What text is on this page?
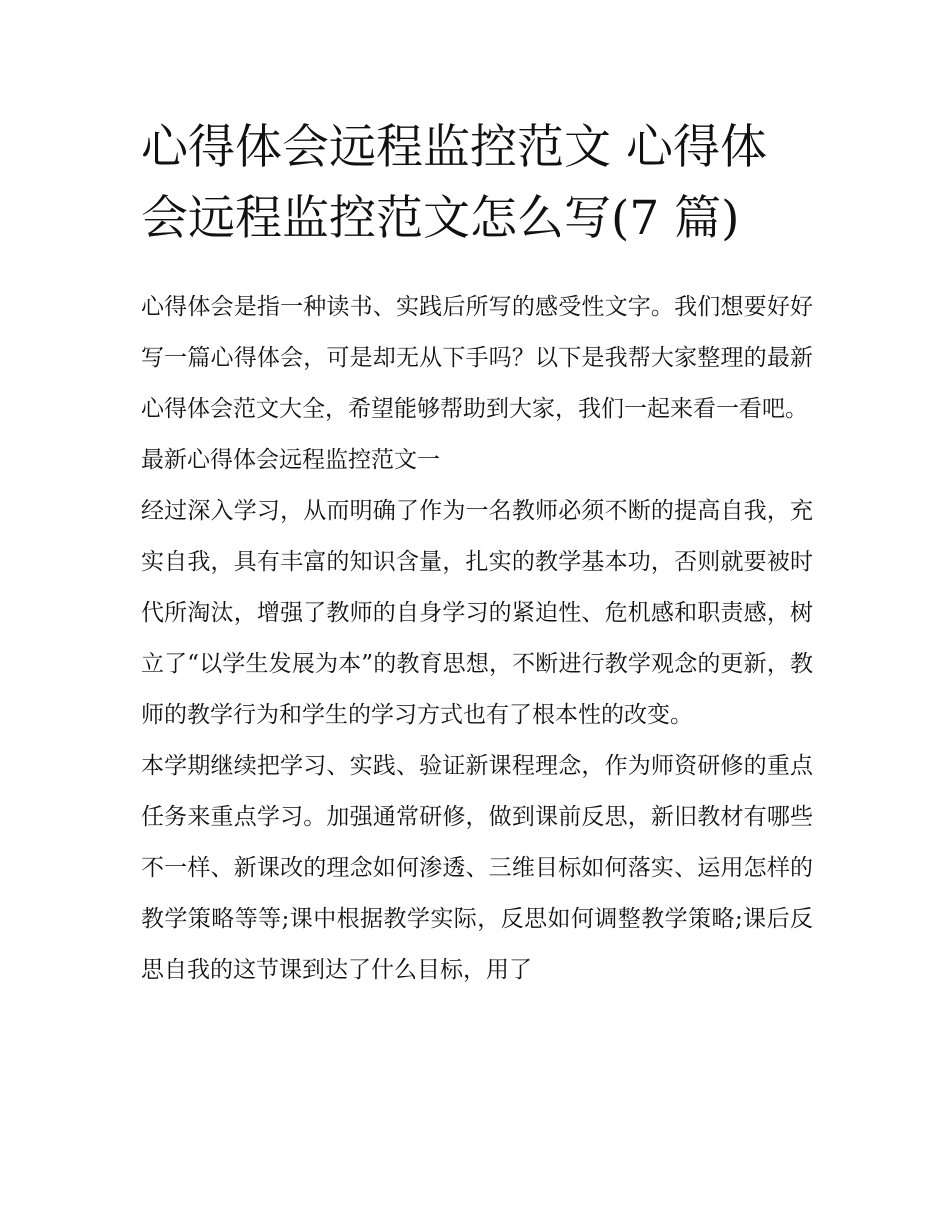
心得体会远程监控范文 心得体会远程监控范文怎么写(7 篇)

心得体会是指一种读书、实践后所写的感受性文字。我们想要好好写一篇心得体会，可是却无从下手吗？以下是我帮大家整理的最新心得体会范文大全，希望能够帮助到大家，我们一起来看一看吧。

最新心得体会远程监控范文一

经过深入学习，从而明确了作为一名教师必须不断的提高自我，充实自我，具有丰富的知识含量，扎实的教学基本功，否则就要被时代所淘汰，增强了教师的自身学习的紧迫性、危机感和职责感，树立了“以学生发展为本”的教育思想，不断进行教学观念的更新，教师的教学行为和学生的学习方式也有了根本性的改变。

本学期继续把学习、实践、验证新课程理念，作为师资研修的重点任务来重点学习。加强通常研修，做到课前反思，新旧教材有哪些不一样、新课改的理念如何渗透、三维目标如何落实、运用怎样的教学策略等等;课中根据教学实际，反思如何调整教学策略;课后反思自我的这节课到达了什么目标，用了
